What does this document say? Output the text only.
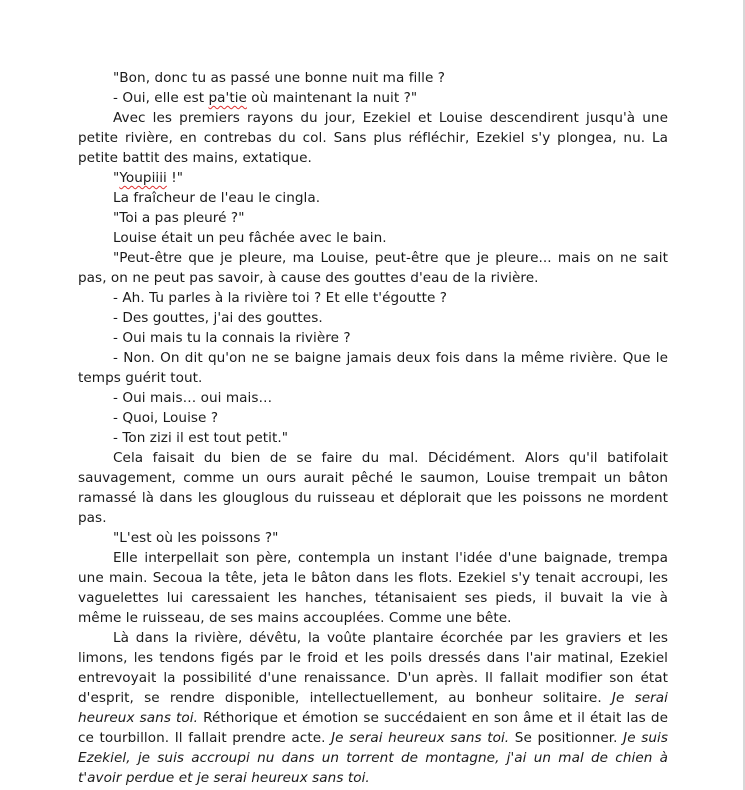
"Bon, donc tu as passé une bonne nuit ma fille ?

- Oui, elle est pa'tie où maintenant la nuit ?"

Avec les premiers rayons du jour, Ezekiel et Louise descendirent jusqu'à une petite rivière, en contrebas du col. Sans plus réfléchir, Ezekiel s'y plongea, nu. La petite battit des mains, extatique.

"Youpiiii !"

La fraîcheur de l'eau le cingla.

"Toi a pas pleuré ?"

Louise était un peu fâchée avec le bain.

"Peut-être que je pleure, ma Louise, peut-être que je pleure... mais on ne sait pas, on ne peut pas savoir, à cause des gouttes d'eau de la rivière.

- Ah. Tu parles à la rivière toi ? Et elle t'égoutte ?

- Des gouttes, j'ai des gouttes.

- Oui mais tu la connais la rivière ?

- Non. On dit qu'on ne se baigne jamais deux fois dans la même rivière. Que le temps guérit tout.

- Oui mais… oui mais…

- Quoi, Louise ?

- Ton zizi il est tout petit."

Cela faisait du bien de se faire du mal. Décidément. Alors qu'il batifolait sauvagement, comme un ours aurait pêché le saumon, Louise trempait un bâton ramassé là dans les glouglous du ruisseau et déplorait que les poissons ne mordent pas.

"L'est où les poissons ?"

Elle interpellait son père, contempla un instant l'idée d'une baignade, trempa une main. Secoua la tête, jeta le bâton dans les flots. Ezekiel s'y tenait accroupi, les vaguelettes lui caressaient les hanches, tétanisaient ses pieds, il buvait la vie à même le ruisseau, de ses mains accouplées. Comme une bête.

Là dans la rivière, dévêtu, la voûte plantaire écorchée par les graviers et les limons, les tendons figés par le froid et les poils dressés dans l'air matinal, Ezekiel entrevoyait la possibilité d'une renaissance. D'un après. Il fallait modifier son état d'esprit, se rendre disponible, intellectuellement, au bonheur solitaire. Je serai heureux sans toi. Réthorique et émotion se succédaient en son âme et il était las de ce tourbillon. Il fallait prendre acte. Je serai heureux sans toi. Se positionner. Je suis Ezekiel, je suis accroupi nu dans un torrent de montagne, j'ai un mal de chien à t'avoir perdue et je serai heureux sans toi.
